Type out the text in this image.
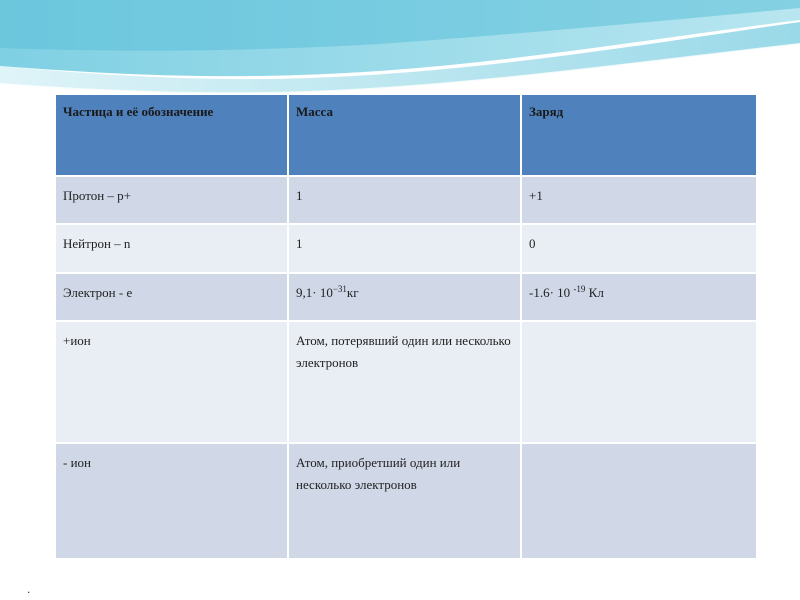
Частица и её обозначение	Масса	Заряд
Протон – р+	1	+1
Нейтрон – n	1	0
Электрон - е	$9,1\cdot 10^{-31}кг$	-1.6· 10 $^{-19}$ Кл
+ион	Атом, потерявший один или несколько электронов	
- ион	Атом, приобретший один или несколько электронов	
.
